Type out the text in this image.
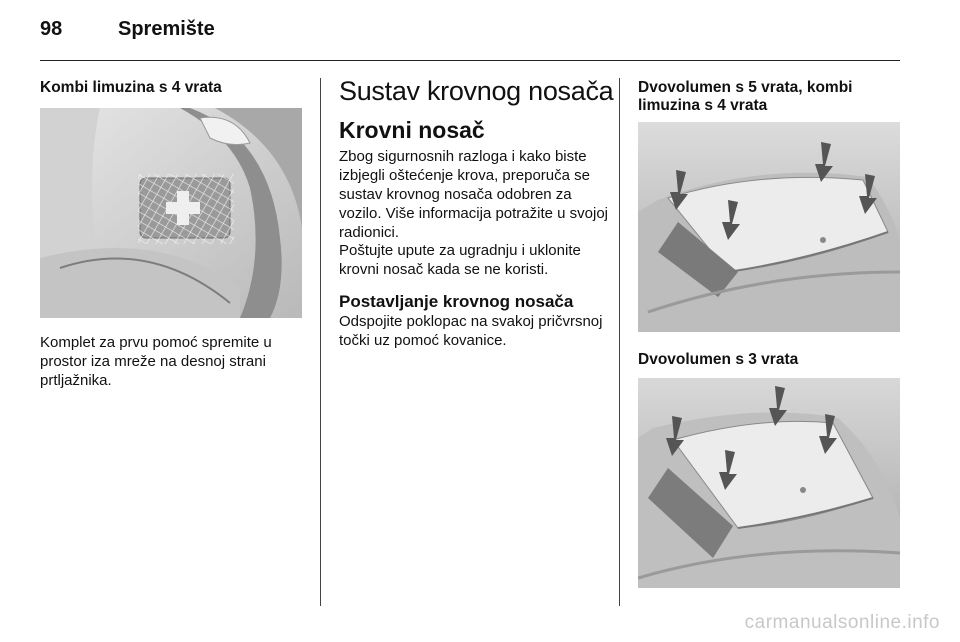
98	Spremište
Kombi limuzina s 4 vrata
Komplet za prvu pomoć spremite u prostor iza mreže na desnoj strani prtljažnika.
Sustav krovnog nosača
Krovni nosač
Zbog sigurnosnih razloga i kako biste izbjegli oštećenje krova, preporuča se sustav krovnog nosača odobren za vozilo. Više informacija potražite u svojoj radionici.
Poštujte upute za ugradnju i uklonite krovni nosač kada se ne koristi.
Postavljanje krovnog nosača
Odspojite poklopac na svakoj pričvrsnoj točki uz pomoć kovanice.
Dvovolumen s 5 vrata, kombi limuzina s 4 vrata
Dvovolumen s 3 vrata
carmanualsonline.info
